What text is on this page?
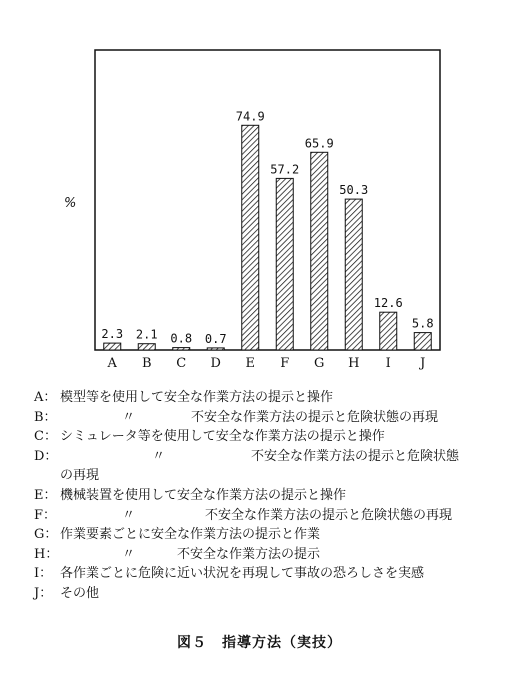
2.3
A
2.1
B
0.8
C
0.7
D
74.9
E
57.2
F
65.9
G
50.3
H
12.6
I
5.8
J
%
A： 模型等を使用して安全な作業方法の提示と操作
B：	〃	不安全な作業方法の提示と危険状態の再現
C： シミュレータ等を使用して安全な作業方法の提示と操作
D：	〃	不安全な作業方法の提示と危険状態
の再現
E： 機械装置を使用して安全な作業方法の提示と操作
F：	〃	不安全な作業方法の提示と危険状態の再現
G： 作業要素ごとに安全な作業方法の提示と作業
H：	〃	不安全な作業方法の提示
I： 各作業ごとに危険に近い状況を再現して事故の恐ろしさを実感
J： その他
図５　指導方法（実技）
